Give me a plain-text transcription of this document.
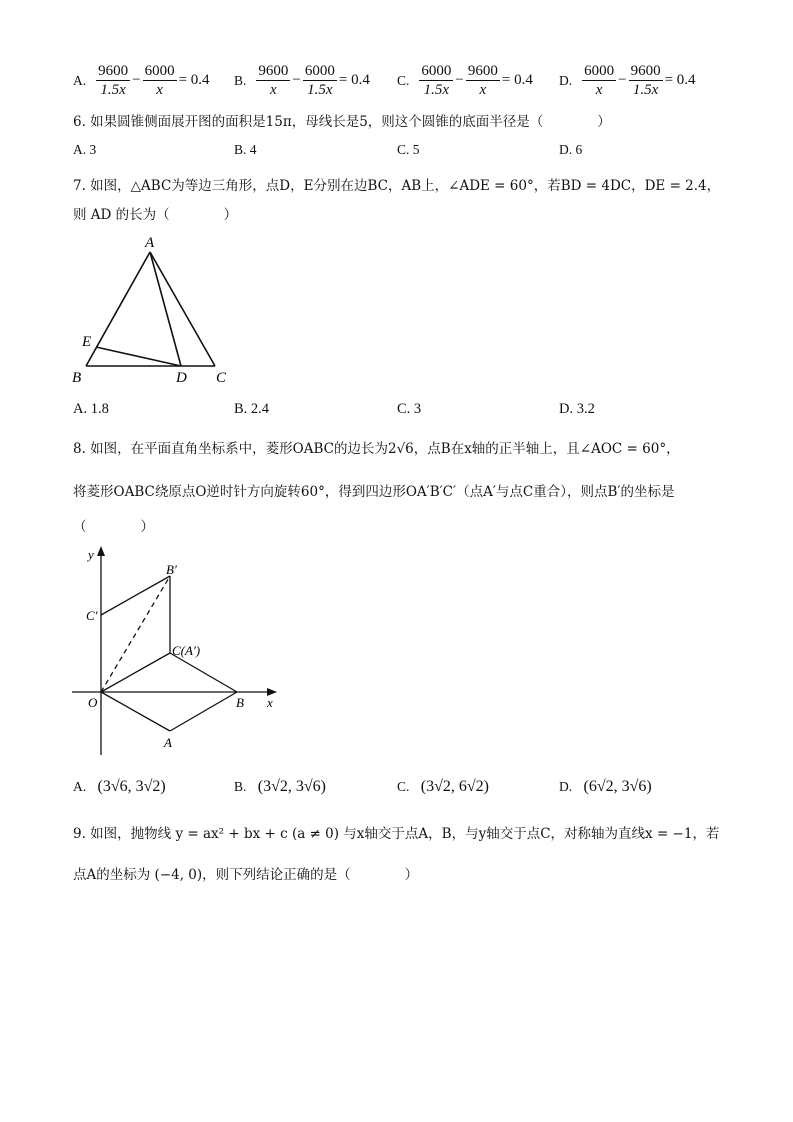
A. $\frac{9600}{1.5x} - \frac{6000}{x} = 0.4$ B. $\frac{9600}{x} - \frac{6000}{1.5x} = 0.4$ C. $\frac{6000}{1.5x} - \frac{9600}{x} = 0.4$ D. $\frac{6000}{x} - \frac{9600}{1.5x} = 0.4$
6. 如果圆锥侧面展开图的面积是15π，母线长是5，则这个圆锥的底面半径是（　　　　）
A. 3	B. 4	C. 5	D. 6
7. 如图，△ABC为等边三角形，点D，E分别在边BC，AB上，∠ADE = 60°，若BD = 4DC，DE = 2.4，
则 AD 的长为（　　　　）
A
E
B	D C
A. 1.8	B. 2.4	C. 3	D. 3.2
8. 如图，在平面直角坐标系中，菱形OABC的边长为2√6，点B在x轴的正半轴上，且∠AOC = 60°，
将菱形OABC绕原点O逆时针方向旋转60°，得到四边形OA′B′C′（点A′与点C重合），则点B′的坐标是
（　　　　）
y
x
O	B
A
C(A′)
B′
C′
A. (3√6, 3√2)	B. (3√2, 3√6)	C. (3√2, 6√2)	D. (6√2, 3√6)
9. 如图，抛物线 y = ax² + bx + c (a ≠ 0) 与x轴交于点A，B，与y轴交于点C，对称轴为直线x = −1，若
点A的坐标为 (−4, 0)，则下列结论正确的是（　　　　）
